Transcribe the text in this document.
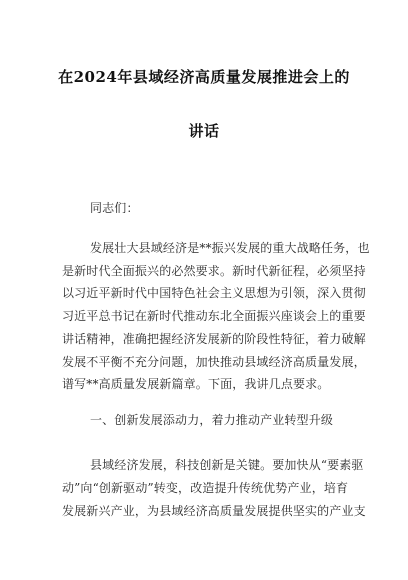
在2024年县域经济高质量发展推进会上的
讲话
同志们：
发展壮大县域经济是**振兴发展的重大战略任务，也
是新时代全面振兴的必然要求。新时代新征程，必须坚持
以习近平新时代中国特色社会主义思想为引领，深入贯彻
习近平总书记在新时代推动东北全面振兴座谈会上的重要
讲话精神，准确把握经济发展新的阶段性特征，着力破解
发展不平衡不充分问题，加快推动县域经济高质量发展，
谱写**高质量发展新篇章。下面，我讲几点要求。
一、创新发展添动力，着力推动产业转型升级
县域经济发展，科技创新是关键。要加快从“要素驱
动”向“创新驱动”转变，改造提升传统优势产业，培育
发展新兴产业，为县域经济高质量发展提供坚实的产业支
